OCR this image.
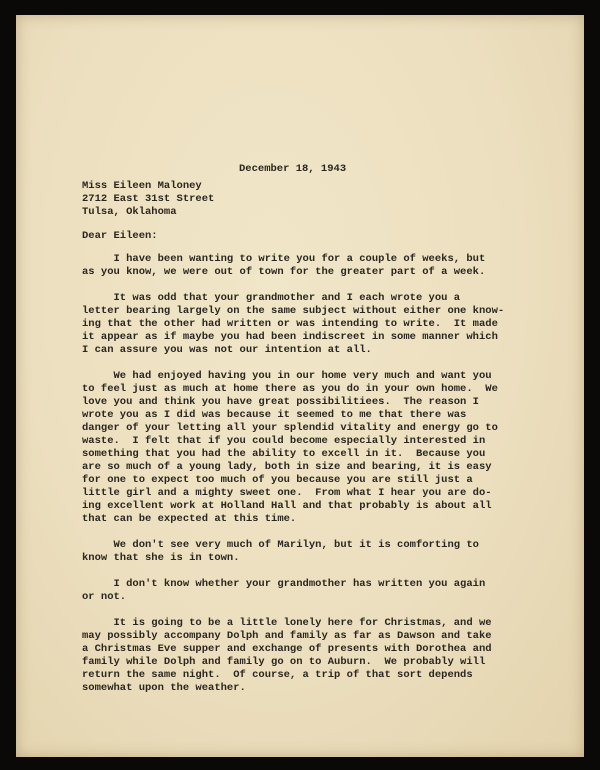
December 18, 1943
Miss Eileen Maloney
2712 East 31st Street
Tulsa, Oklahoma
Dear Eileen:
I have been wanting to write you for a couple of weeks, but
as you know, we were out of town for the greater part of a week.
It was odd that your grandmother and I each wrote you a
letter bearing largely on the same subject without either one know-
ing that the other had written or was intending to write.  It made
it appear as if maybe you had been indiscreet in some manner which
I can assure you was not our intention at all.
We had enjoyed having you in our home very much and want you
to feel just as much at home there as you do in your own home.  We
love you and think you have great possibilitiees.  The reason I
wrote you as I did was because it seemed to me that there was
danger of your letting all your splendid vitality and energy go to
waste.  I felt that if you could become especially interested in
something that you had the ability to excell in it.  Because you
are so much of a young lady, both in size and bearing, it is easy
for one to expect too much of you because you are still just a
little girl and a mighty sweet one.  From what I hear you are do-
ing excellent work at Holland Hall and that probably is about all
that can be expected at this time.
We don't see very much of Marilyn, but it is comforting to
know that she is in town.
I don't know whether your grandmother has written you again
or not.
It is going to be a little lonely here for Christmas, and we
may possibly accompany Dolph and family as far as Dawson and take
a Christmas Eve supper and exchange of presents with Dorothea and
family while Dolph and family go on to Auburn.  We probably will
return the same night.  Of course, a trip of that sort depends
somewhat upon the weather.
